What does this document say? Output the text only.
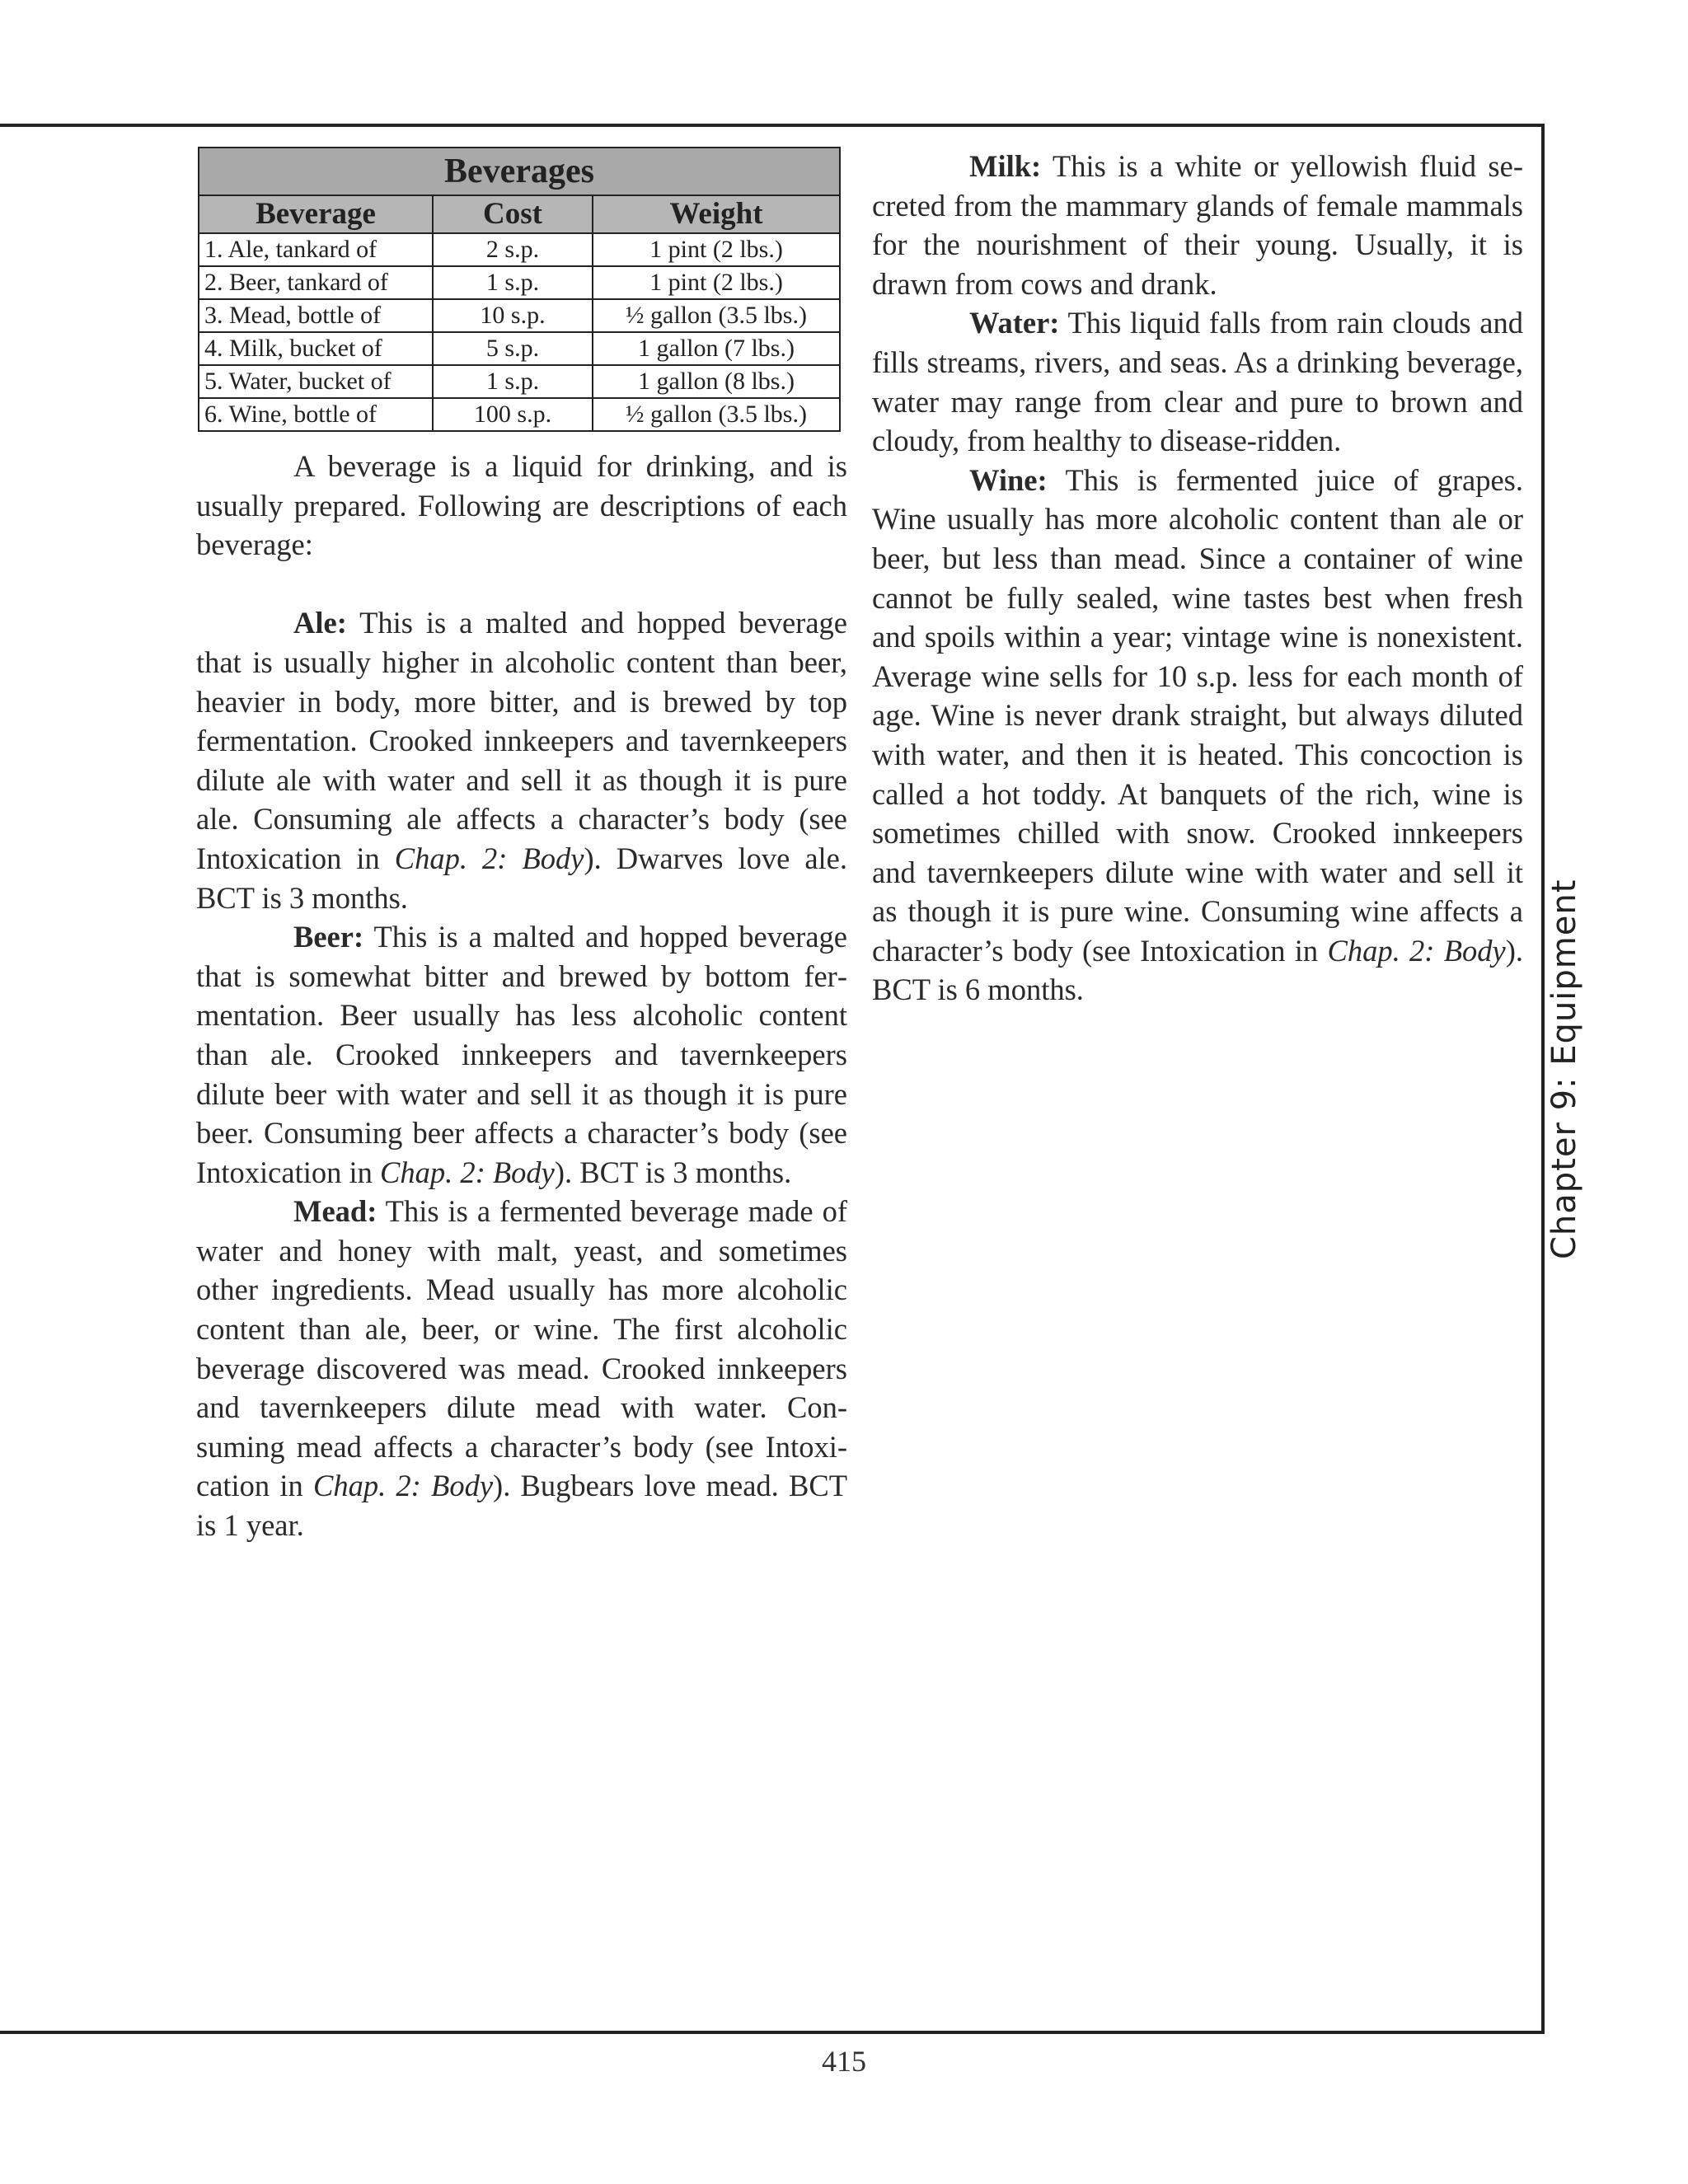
Beverages		
Beverage	Cost	Weight
1. Ale, tankard of	2 s.p.	1 pint (2 lbs.)
2. Beer, tankard of	1 s.p.	1 pint (2 lbs.)
3. Mead, bottle of	10 s.p.	½ gallon (3.5 lbs.)
4. Milk, bucket of	5 s.p.	1 gallon (7 lbs.)
5. Water, bucket of	1 s.p.	1 gallon (8 lbs.)
6. Wine, bottle of	100 s.p.	½ gallon (3.5 lbs.)

A beverage is a liquid for drinking, and is usually prepared. Following are descriptions of each beverage:

Ale: This is a malted and hopped beverage that is usually higher in alcoholic content than beer, heavier in body, more bitter, and is brewed by top fermentation. Crooked innkeepers and tavernkeepers dilute ale with water and sell it as though it is pure ale. Consuming ale affects a character’s body (see Intoxication in Chap. 2: Body). Dwarves love ale. BCT is 3 months.

Beer: This is a malted and hopped beverage that is somewhat bitter and brewed by bottom fermentation. Beer usually has less alcoholic content than ale. Crooked innkeepers and tavernkeepers dilute beer with water and sell it as though it is pure beer. Consuming beer affects a character’s body (see Intoxication in Chap. 2: Body). BCT is 3 months.

Mead: This is a fermented beverage made of water and honey with malt, yeast, and sometimes other ingredients. Mead usually has more alcoholic content than ale, beer, or wine. The first alcoholic beverage discovered was mead. Crooked innkeepers and tavernkeepers dilute mead with water. Consuming mead affects a character’s body (see Intoxication in Chap. 2: Body). Bugbears love mead. BCT is 1 year.

Milk: This is a white or yellowish fluid secreted from the mammary glands of female mammals for the nourishment of their young. Usually, it is drawn from cows and drank.

Water: This liquid falls from rain clouds and fills streams, rivers, and seas. As a drinking beverage, water may range from clear and pure to brown and cloudy, from healthy to disease-ridden.

Wine: This is fermented juice of grapes. Wine usually has more alcoholic content than ale or beer, but less than mead. Since a container of wine cannot be fully sealed, wine tastes best when fresh and spoils within a year; vintage wine is nonexistent. Average wine sells for 10 s.p. less for each month of age. Wine is never drank straight, but always diluted with water, and then it is heated. This concoction is called a hot toddy. At banquets of the rich, wine is sometimes chilled with snow. Crooked innkeepers and tavernkeepers dilute wine with water and sell it as though it is pure wine. Consuming wine affects a character’s body (see Intoxication in Chap. 2: Body). BCT is 6 months.	Chapter 9: Equipment
415
